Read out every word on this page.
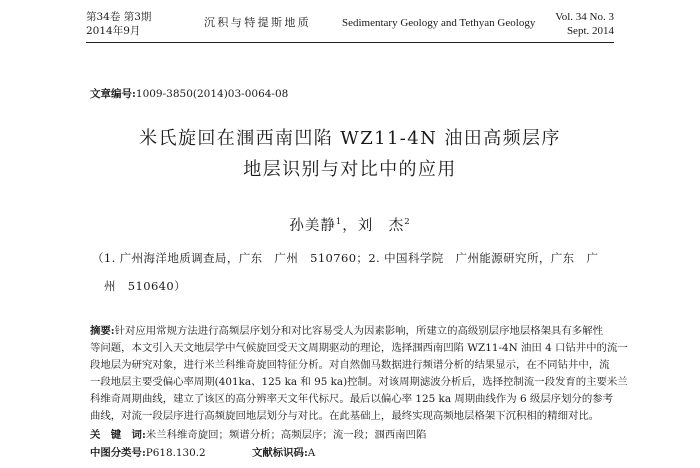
第34卷 第3期
2014年9月
沉积与特提斯地质	Sedimentary Geology and Tethyan Geology Vol. 34 No. 3
Sept. 2014
文章编号:1009-3850(2014)03-0064-08
米氏旋回在涠西南凹陷 WZ11-4N 油田高频层序
地层识别与对比中的应用
孙美静$^1$，刘　杰$^2$
（1. 广州海洋地质调查局，广东　广州　510760；2. 中国科学院　广州能源研究所，广东　广
州　510640）
摘要:针对应用常规方法进行高频层序划分和对比容易受人为因素影响，所建立的高级别层序地层格架具有多解性
等问题，本文引入天文地层学中气候旋回受天文周期驱动的理论，选择涠西南凹陷 WZ11-4N 油田 4 口钻井中的流一
段地层为研究对象，进行米兰科维奇旋回特征分析。对自然伽马数据进行频谱分析的结果显示，在不同钻井中，流
一段地层主要受偏心率周期(401ka、125 ka 和 95 ka)控制。对该周期滤波分析后，选择控制流一段发育的主要米兰
科维奇周期曲线，建立了该区的高分辨率天文年代标尺。最后以偏心率 125 ka 周期曲线作为 6 级层序划分的参考
曲线，对流一段层序进行高频旋回地层划分与对比。在此基础上，最终实现高频地层格架下沉积相的精细对比。
关　键　词:米兰科维奇旋回；频谱分析；高频层序；流一段；涠西南凹陷
中图分类号:P618.130.2	文献标识码:A
